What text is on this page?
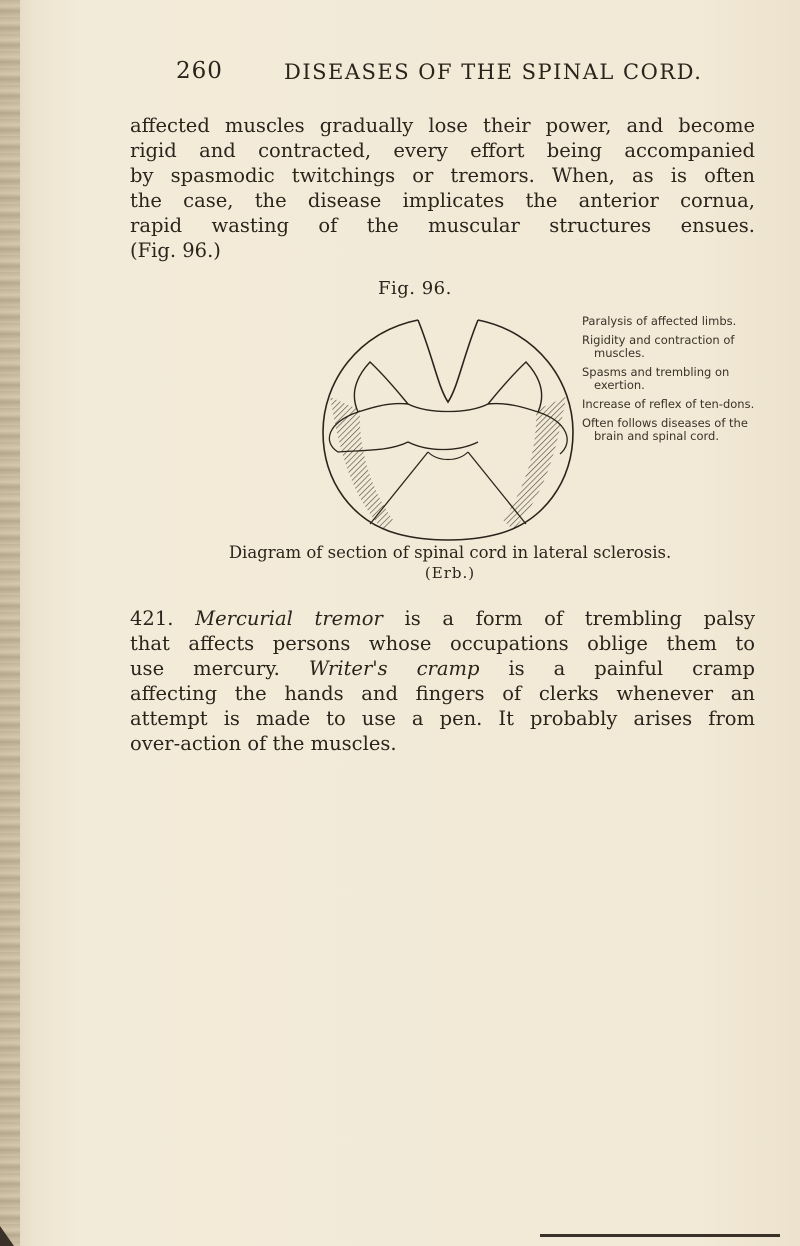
260	DISEASES OF THE SPINAL CORD.
affected muscles gradually lose their power, and become
rigid and contracted, every effort being accompanied
by spasmodic twitchings or tremors. When, as is often
the case, the disease implicates the anterior cornua,
rapid wasting of the muscular structures ensues.
(Fig. 96.)
Fig. 96.
Paralysis of affected limbs.
Rigidity and contraction of muscles.
Spasms and trembling on exertion.
Increase of reflex of ten-dons.
Often follows diseases of the brain and spinal cord.
Diagram of section of spinal cord in lateral sclerosis.
(Erb.)
421. Mercurial tremor is a form of trembling palsy
that affects persons whose occupations oblige them to
use mercury. Writer's cramp is a painful cramp
affecting the hands and fingers of clerks whenever an
attempt is made to use a pen. It probably arises from
over-action of the muscles.
